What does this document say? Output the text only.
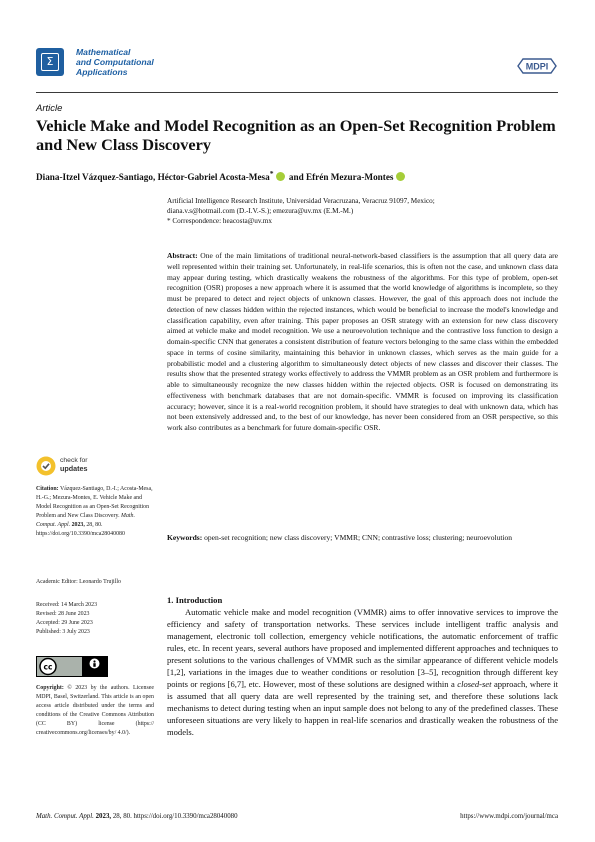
Σ
Mathematical
and Computational
Applications
MDPI
Article
Vehicle Make and Model Recognition as an Open-Set Recognition Problem and New Class Discovery
Diana-Itzel Vázquez-Santiago, Héctor-Gabriel Acosta-Mesa* and Efrén Mezura-Montes
Artificial Intelligence Research Institute, Universidad Veracruzana, Veracruz 91097, Mexico;
diana.v.s@hotmail.com (D.-I.V.-S.); emezura@uv.mx (E.M.-M.)
* Correspondence: heacosta@uv.mx
Abstract: One of the main limitations of traditional neural-network-based classifiers is the assumption that all query data are well represented within their training set. Unfortunately, in real-life scenarios, this is often not the case, and unknown class data may appear during testing, which drastically weakens the robustness of the algorithms. For this type of problem, open-set recognition (OSR) proposes a new approach where it is assumed that the world knowledge of algorithms is incomplete, so they must be prepared to detect and reject objects of unknown classes. However, the goal of this approach does not include the detection of new classes hidden within the rejected instances, which would be beneficial to increase the model's knowledge and classification capability, even after training. This paper proposes an OSR strategy with an extension for new class discovery aimed at vehicle make and model recognition. We use a neuroevolution technique and the contrastive loss function to design a domain-specific CNN that generates a consistent distribution of feature vectors belonging to the same class within the embedded space in terms of cosine similarity, maintaining this behavior in unknown classes, which serves as the main guide for a probabilistic model and a clustering algorithm to simultaneously detect objects of new classes and discover their classes. The results show that the presented strategy works effectively to address the VMMR problem as an OSR problem and furthermore is able to simultaneously recognize the new classes hidden within the rejected objects. OSR is focused on demonstrating its effectiveness with benchmark databases that are not domain-specific. VMMR is focused on improving its classification accuracy; however, since it is a real-world recognition problem, it should have strategies to deal with unknown data, which has not been extensively addressed and, to the best of our knowledge, has never been considered from an OSR perspective, so this work also contributes as a benchmark for future domain-specific OSR.
Keywords: open-set recognition; new class discovery; VMMR; CNN; contrastive loss; clustering; neuroevolution
check for
updates
Citation: Vázquez-Santiago, D.-I.; Acosta-Mesa, H.-G.; Mezura-Montes, E. Vehicle Make and Model Recognition as an Open-Set Recognition Problem and New Class Discovery. Math. Comput. Appl. 2023, 28, 80. https://doi.org/10.3390/mca28040080
Academic Editor: Leonardo Trujillo
Received: 14 March 2023
Revised: 28 June 2023
Accepted: 29 June 2023
Published: 3 July 2023
cc
Copyright: © 2023 by the authors. Licensee MDPI, Basel, Switzerland. This article is an open access article distributed under the terms and conditions of the Creative Commons Attribution (CC BY) license (https:// creativecommons.org/licenses/by/ 4.0/).
1. Introduction
Automatic vehicle make and model recognition (VMMR) aims to offer innovative services to improve the efficiency and safety of transportation networks. These services include intelligent traffic analysis and management, electronic toll collection, emergency vehicle notifications, the automatic enforcement of traffic rules, etc. In recent years, several authors have proposed and implemented different approaches and techniques to present solutions to the various challenges of VMMR such as the similar appearance of different vehicle models [1,2], variations in the images due to weather conditions or resolution [3–5], recognition through different key points or regions [6,7], etc. However, most of these solutions are designed within a closed-set approach, where it is assumed that all query data are well represented by the training set, and therefore these solutions lack mechanisms to detect during testing when an input sample does not belong to any of the predefined classes. These unforeseen situations are very likely to happen in real-life scenarios and drastically weaken the robustness of the models.
Math. Comput. Appl. 2023, 28, 80. https://doi.org/10.3390/mca28040080	https://www.mdpi.com/journal/mca
